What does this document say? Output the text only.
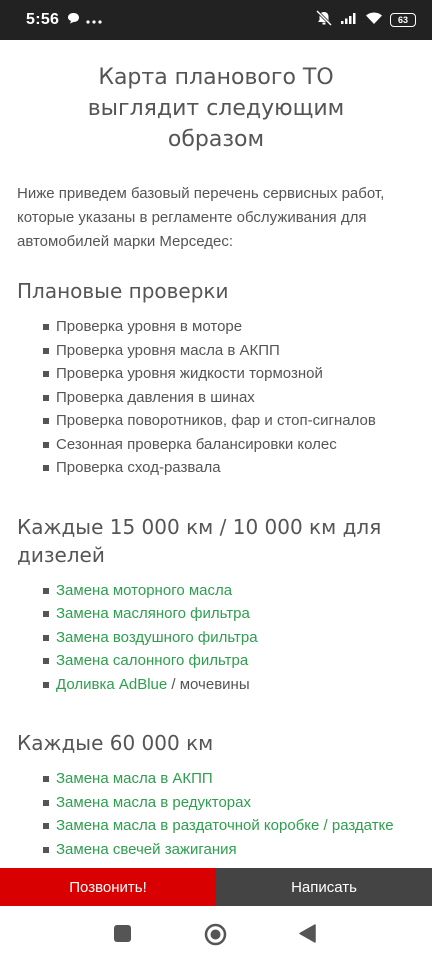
5:56	63
Карта планового ТО выглядит следующим образом

Ниже приведем базовый перечень сервисных работ, которые указаны в регламенте обслуживания для автомобилей марки Мерседес:

Плановые проверки
Проверка уровня в моторе
Проверка уровня масла в АКПП
Проверка уровня жидкости тормозной
Проверка давления в шинах
Проверка поворотников, фар и стоп-сигналов
Сезонная проверка балансировки колес
Проверка сход-развала
Каждые 15 000 км / 10 000 км для дизелей
Замена моторного масла
Замена масляного фильтра
Замена воздушного фильтра
Замена салонного фильтра
Доливка AdBlue / мочевины
Каждые 60 000 км
Замена масла в АКПП
Замена масла в редукторах
Замена масла в раздаточной коробке / раздатке
Замена свечей зажигания
Позвонить!	Написать
